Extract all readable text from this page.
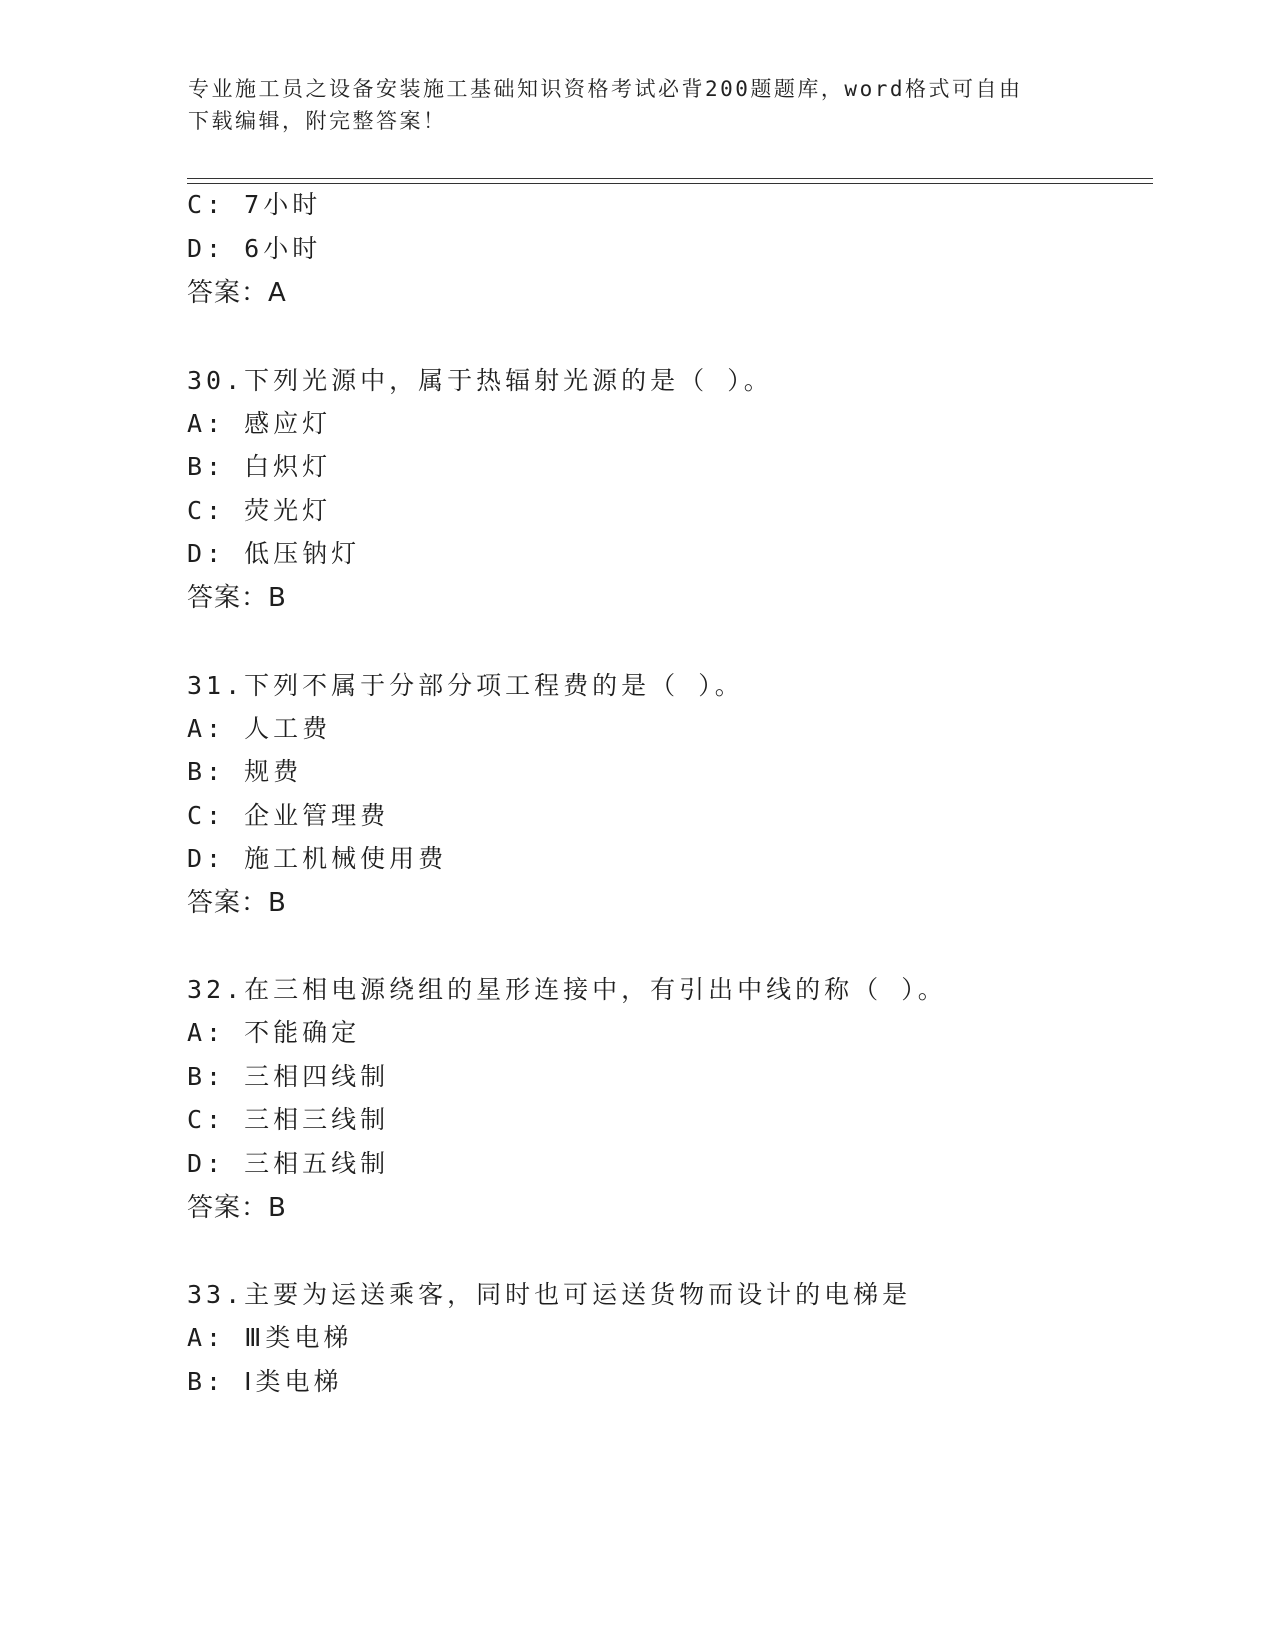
专业施工员之设备安装施工基础知识资格考试必背200题题库，word格式可自由
下载编辑，附完整答案！
C: 7小时
D: 6小时
答案：A
30.下列光源中，属于热辐射光源的是（ ）。
A: 感应灯
B: 白炽灯
C: 荧光灯
D: 低压钠灯
答案：B
31.下列不属于分部分项工程费的是（ ）。
A: 人工费
B: 规费
C: 企业管理费
D: 施工机械使用费
答案：B
32.在三相电源绕组的星形连接中，有引出中线的称（ ）。
A: 不能确定
B: 三相四线制
C: 三相三线制
D: 三相五线制
答案：B
33.主要为运送乘客，同时也可运送货物而设计的电梯是
A: Ⅲ类电梯
B: Ⅰ类电梯
